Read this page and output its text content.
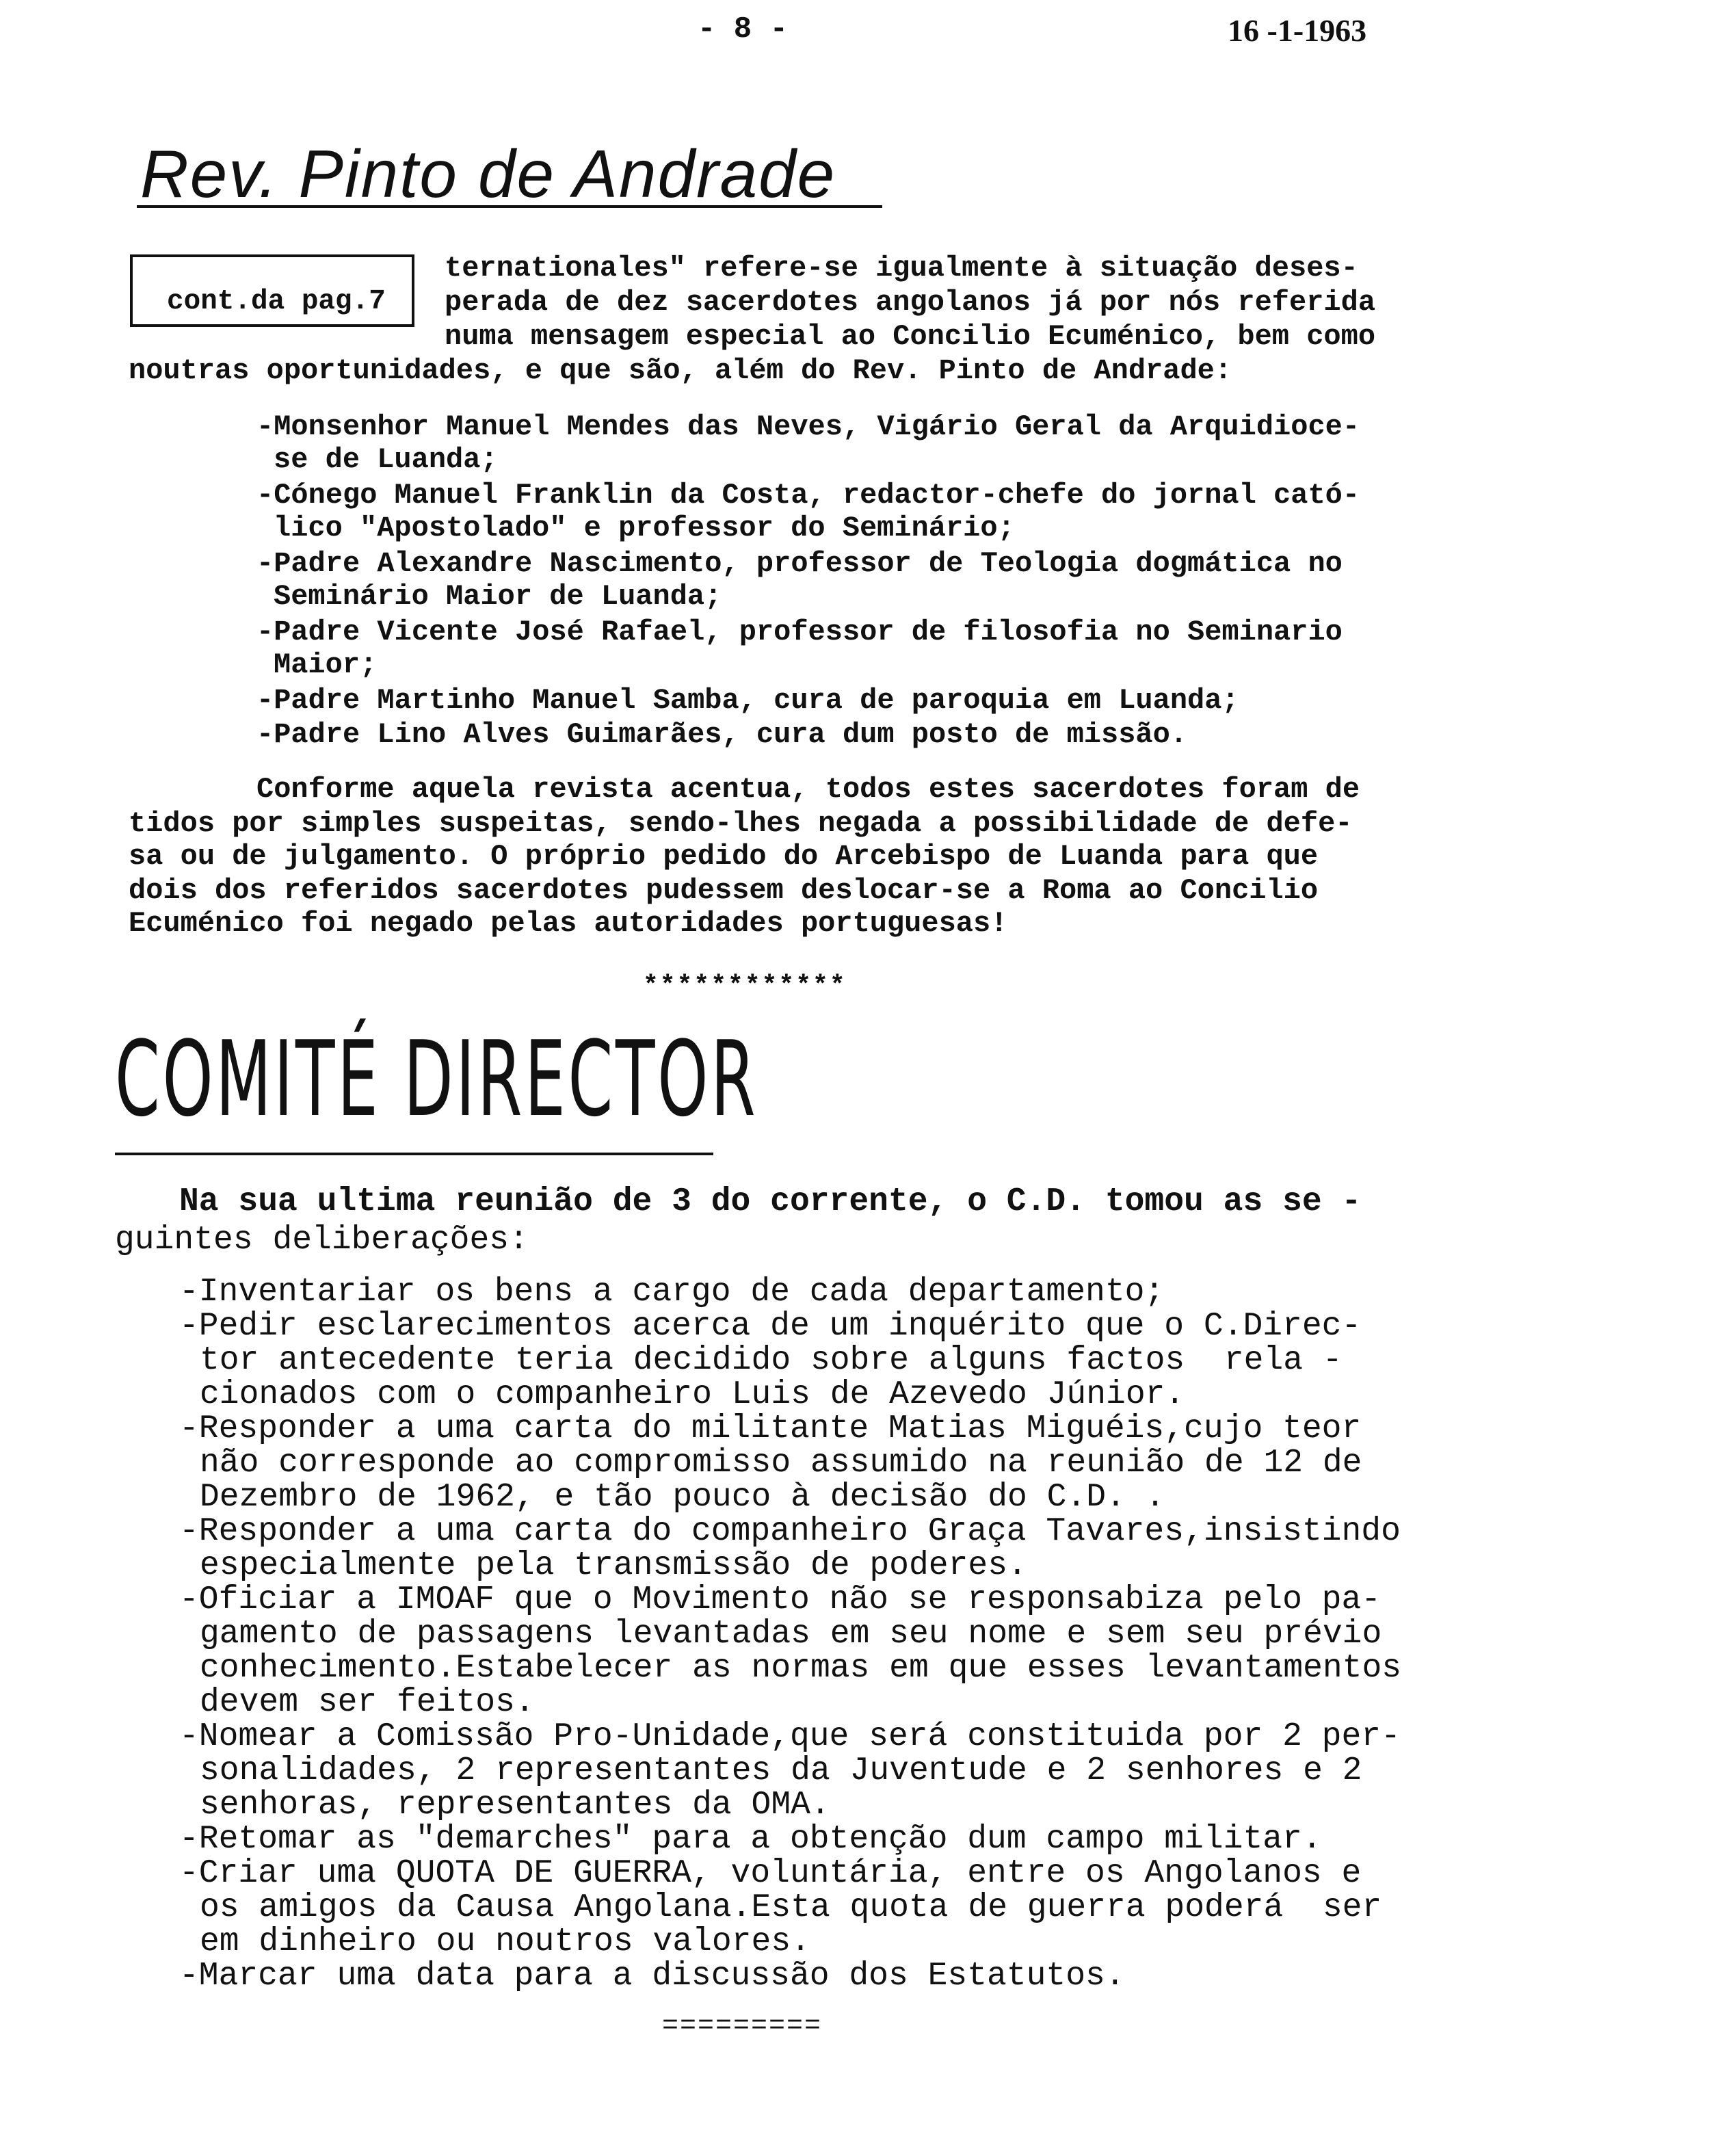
- 8 -	16 -1-1963
Rev. Pinto de Andrade
cont.da pag.7
ternationales" refere-se igualmente à situação deses-
perada de dez sacerdotes angolanos já por nós referida
numa mensagem especial ao Concilio Ecuménico, bem como
noutras oportunidades, e que são, além do Rev. Pinto de Andrade:
-Monsenhor Manuel Mendes das Neves, Vigário Geral da Arquidioce-
se de Luanda;
-Cónego Manuel Franklin da Costa, redactor-chefe do jornal cató-
lico "Apostolado" e professor do Seminário;
-Padre Alexandre Nascimento, professor de Teologia dogmática no
Seminário Maior de Luanda;
-Padre Vicente José Rafael, professor de filosofia no Seminario
Maior;
-Padre Martinho Manuel Samba, cura de paroquia em Luanda;
-Padre Lino Alves Guimarães, cura dum posto de missão.
Conforme aquela revista acentua, todos estes sacerdotes foram de
tidos por simples suspeitas, sendo-lhes negada a possibilidade de defe-
sa ou de julgamento. O próprio pedido do Arcebispo de Luanda para que
dois dos referidos sacerdotes pudessem deslocar-se a Roma ao Concilio
Ecuménico foi negado pelas autoridades portuguesas!
************
COMITÉ DIRECTOR
Na sua ultima reunião de 3 do corrente, o C.D. tomou as se -
guintes deliberações:
-Inventariar os bens a cargo de cada departamento;
-Pedir esclarecimentos acerca de um inquérito que o C.Direc-
tor antecedente teria decidido sobre alguns factos  rela -
cionados com o companheiro Luis de Azevedo Júnior.
-Responder a uma carta do militante Matias Miguéis,cujo teor
não corresponde ao compromisso assumido na reunião de 12 de
Dezembro de 1962, e tão pouco à decisão do C.D. .
-Responder a uma carta do companheiro Graça Tavares,insistindo
especialmente pela transmissão de poderes.
-Oficiar a IMOAF que o Movimento não se responsabiza pelo pa-
gamento de passagens levantadas em seu nome e sem seu prévio
conhecimento.Estabelecer as normas em que esses levantamentos
devem ser feitos.
-Nomear a Comissão Pro-Unidade,que será constituida por 2 per-
sonalidades, 2 representantes da Juventude e 2 senhores e 2
senhoras, representantes da OMA.
-Retomar as "demarches" para a obtenção dum campo militar.
-Criar uma QUOTA DE GUERRA, voluntária, entre os Angolanos e
os amigos da Causa Angolana.Esta quota de guerra poderá  ser
em dinheiro ou noutros valores.
-Marcar uma data para a discussão dos Estatutos.
=========
